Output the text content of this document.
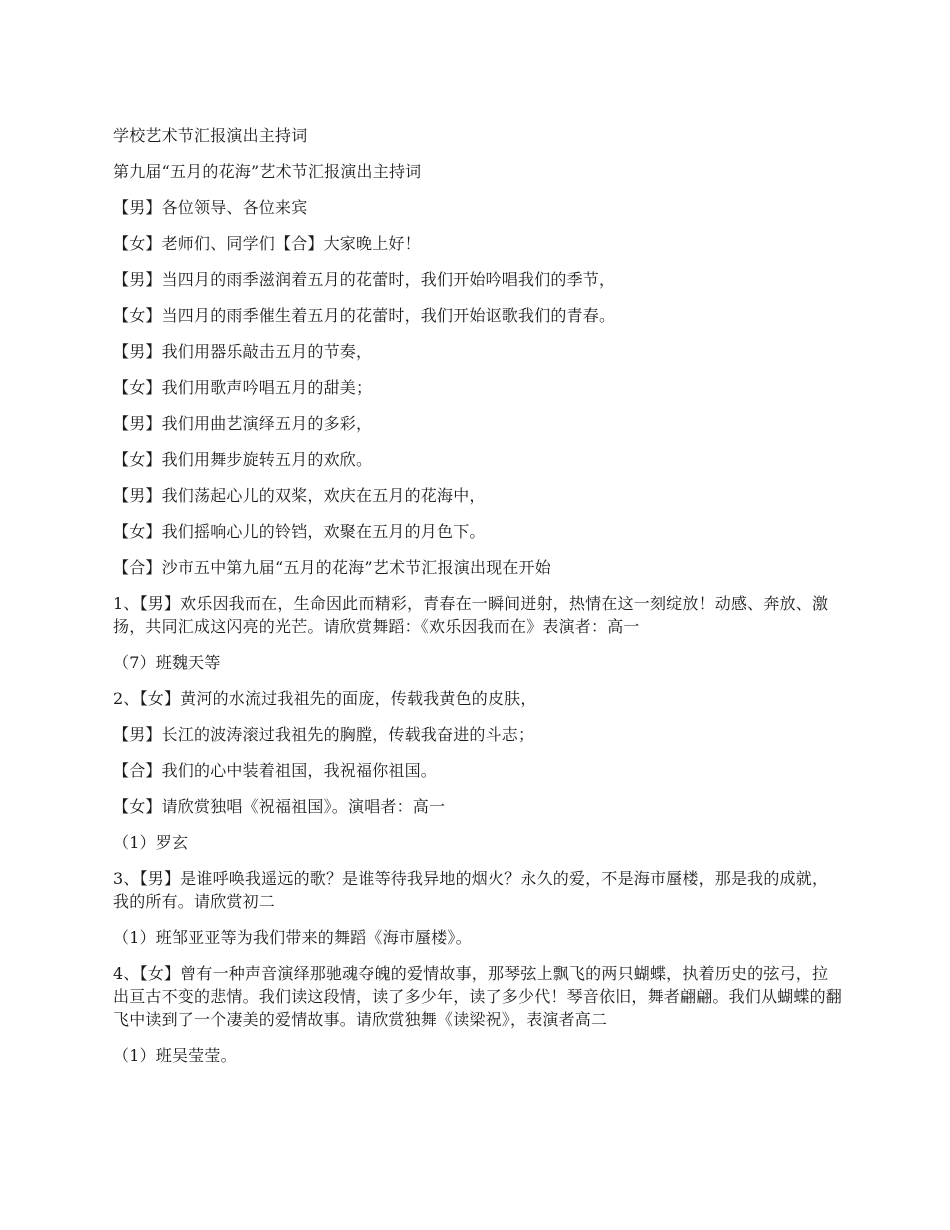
学校艺术节汇报演出主持词

第九届“五月的花海”艺术节汇报演出主持词

【男】各位领导、各位来宾

【女】老师们、同学们【合】大家晚上好！

【男】当四月的雨季滋润着五月的花蕾时，我们开始吟唱我们的季节，

【女】当四月的雨季催生着五月的花蕾时，我们开始讴歌我们的青春。

【男】我们用器乐敲击五月的节奏，

【女】我们用歌声吟唱五月的甜美；

【男】我们用曲艺演绎五月的多彩，

【女】我们用舞步旋转五月的欢欣。

【男】我们荡起心儿的双桨，欢庆在五月的花海中，

【女】我们摇响心儿的铃铛，欢聚在五月的月色下。

【合】沙市五中第九届“五月的花海”艺术节汇报演出现在开始

1、【男】欢乐因我而在，生命因此而精彩，青春在一瞬间迸射，热情在这一刻绽放！动感、奔放、激扬，共同汇成这闪亮的光芒。请欣赏舞蹈：《欢乐因我而在》表演者：高一

（7）班魏天等

2、【女】黄河的水流过我祖先的面庞，传载我黄色的皮肤，

【男】长江的波涛滚过我祖先的胸膛，传载我奋进的斗志；

【合】我们的心中装着祖国，我祝福你祖国。

【女】请欣赏独唱《祝福祖国》。演唱者：高一

（1）罗玄

3、【男】是谁呼唤我遥远的歌？是谁等待我异地的烟火？永久的爱，不是海市蜃楼，那是我的成就，我的所有。请欣赏初二

（1）班邹亚亚等为我们带来的舞蹈《海市蜃楼》。

4、【女】曾有一种声音演绎那驰魂夺魄的爱情故事，那琴弦上飘飞的两只蝴蝶，执着历史的弦弓，拉出亘古不变的悲情。我们读这段情，读了多少年，读了多少代！琴音依旧，舞者翩翩。我们从蝴蝶的翻飞中读到了一个凄美的爱情故事。请欣赏独舞《读梁祝》，表演者高二

（1）班吴莹莹。
